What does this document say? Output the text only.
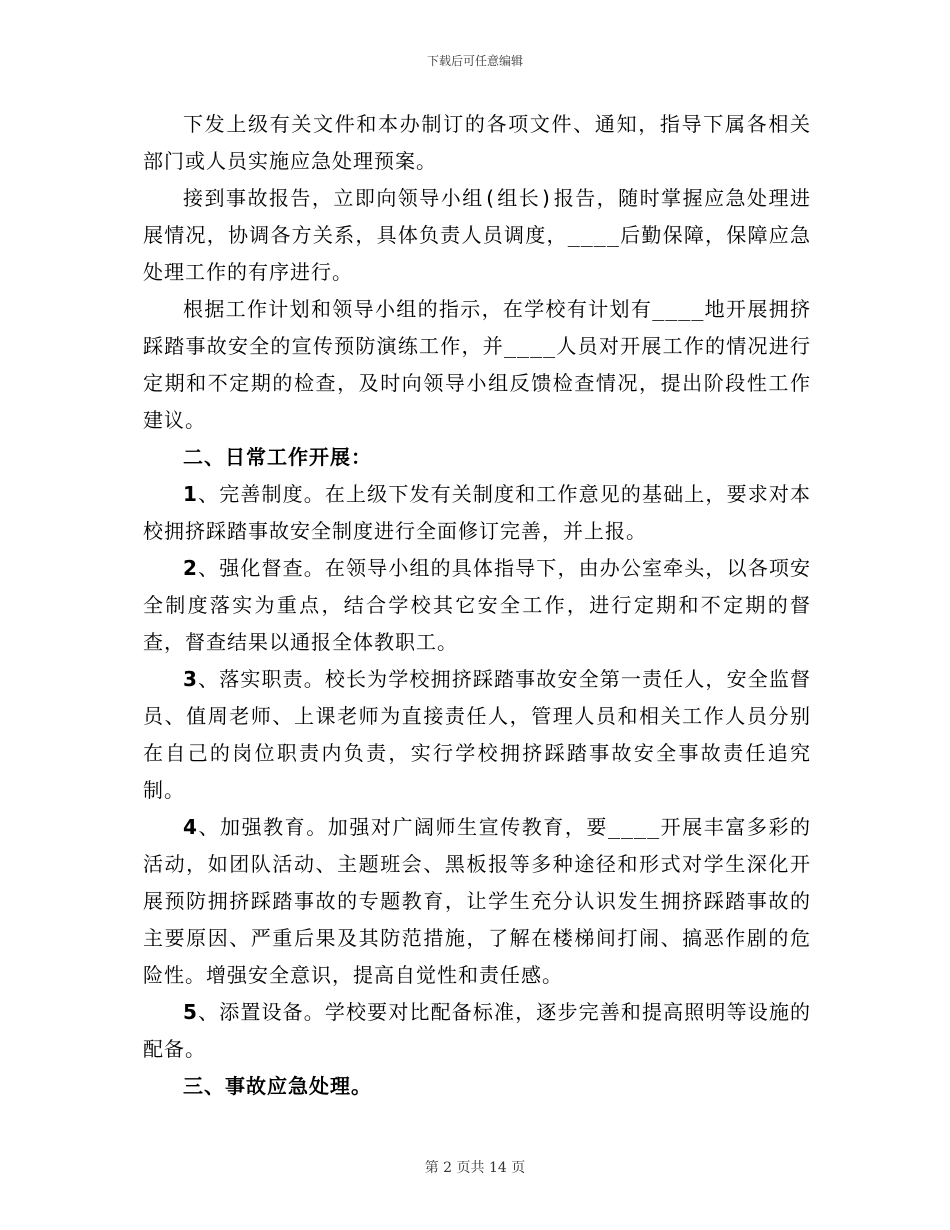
下载后可任意编辑

下发上级有关文件和本办制订的各项文件、通知，指导下属各相关部门或人员实施应急处理预案。

接到事故报告，立即向领导小组(组长)报告，随时掌握应急处理进展情况，协调各方关系，具体负责人员调度，____后勤保障，保障应急处理工作的有序进行。

根据工作计划和领导小组的指示，在学校有计划有____地开展拥挤踩踏事故安全的宣传预防演练工作，并____人员对开展工作的情况进行定期和不定期的检查，及时向领导小组反馈检查情况，提出阶段性工作建议。

二、日常工作开展：

1、完善制度。在上级下发有关制度和工作意见的基础上，要求对本校拥挤踩踏事故安全制度进行全面修订完善，并上报。

2、强化督查。在领导小组的具体指导下，由办公室牵头，以各项安全制度落实为重点，结合学校其它安全工作，进行定期和不定期的督查，督查结果以通报全体教职工。

3、落实职责。校长为学校拥挤踩踏事故安全第一责任人，安全监督员、值周老师、上课老师为直接责任人，管理人员和相关工作人员分别在自己的岗位职责内负责，实行学校拥挤踩踏事故安全事故责任追究制。

4、加强教育。加强对广阔师生宣传教育，要____开展丰富多彩的活动，如团队活动、主题班会、黑板报等多种途径和形式对学生深化开展预防拥挤踩踏事故的专题教育，让学生充分认识发生拥挤踩踏事故的主要原因、严重后果及其防范措施，了解在楼梯间打闹、搞恶作剧的危险性。增强安全意识，提高自觉性和责任感。

5、添置设备。学校要对比配备标准，逐步完善和提高照明等设施的配备。

三、事故应急处理。

第 2 页共 14 页
